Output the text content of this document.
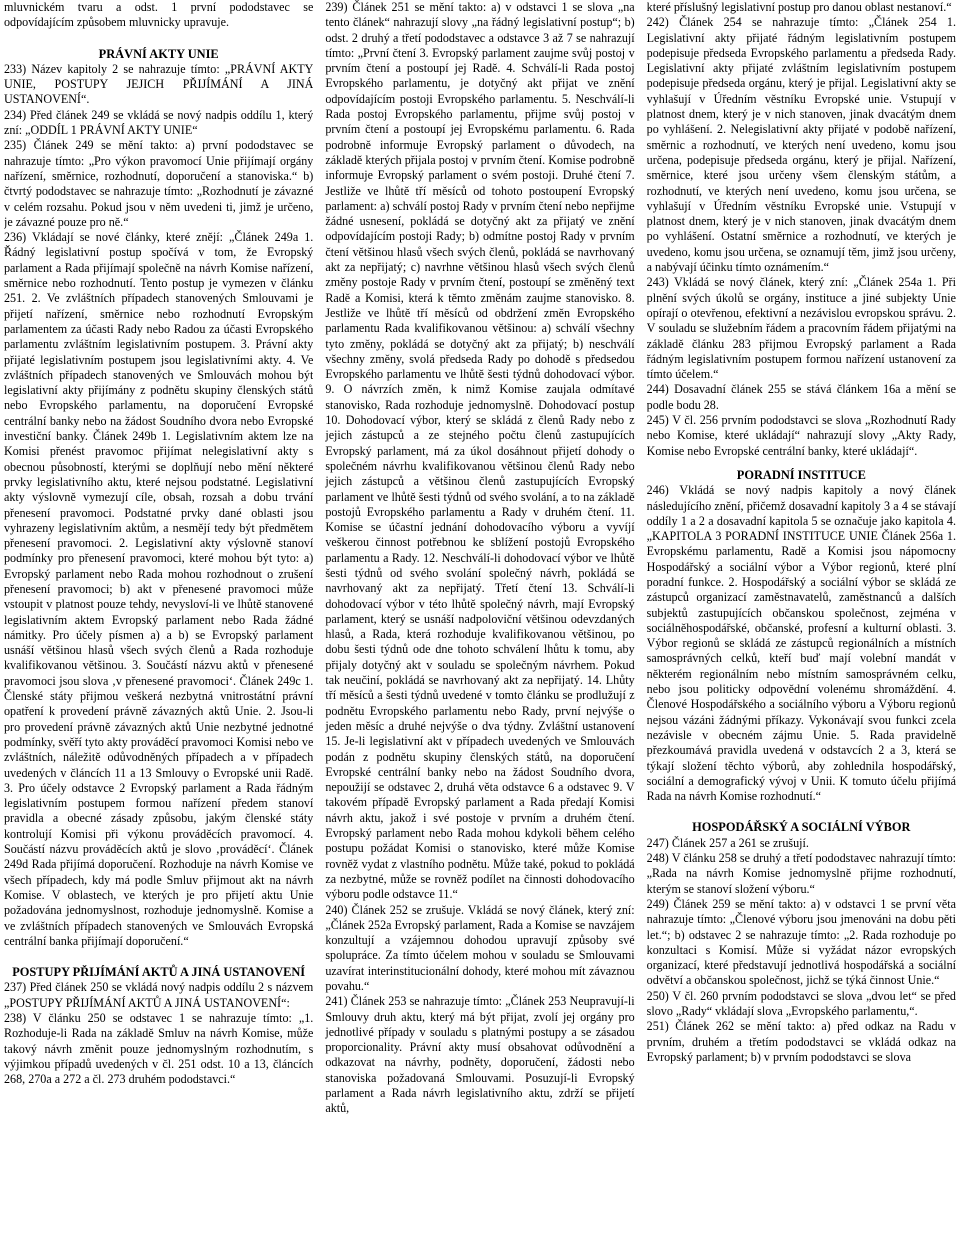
mluvnickém tvaru a odst. 1 první pododstavec se odpovídajícím způsobem mluvnicky upravuje.

PRÁVNÍ AKTY UNIE

233) Název kapitoly 2 se nahrazuje tímto: „PRÁVNÍ AKTY UNIE, POSTUPY JEJICH PŘIJÍMÁNÍ A JINÁ USTANOVENÍ“.

234) Před článek 249 se vkládá se nový nadpis oddílu 1, který zní: „ODDÍL 1 PRÁVNÍ AKTY UNIE“

235) Článek 249 se mění takto: a) první pododstavec se nahrazuje tímto: „Pro výkon pravomocí Unie přijímají orgány nařízení, směrnice, rozhodnutí, doporučení a stanoviska.“ b) čtvrtý pododstavec se nahrazuje tímto: „Rozhodnutí je závazné v celém rozsahu. Pokud jsou v něm uvedeni ti, jimž je určeno, je závazné pouze pro ně.“

236) Vkládají se nové články, které znějí: „Článek 249a 1. Řádný legislativní postup spočívá v tom, že Evropský parlament a Rada přijímají společně na návrh Komise nařízení, směrnice nebo rozhodnutí. Tento postup je vymezen v článku 251. 2. Ve zvláštních případech stanovených Smlouvami je přijetí nařízení, směrnice nebo rozhodnutí Evropským parlamentem za účasti Rady nebo Radou za účasti Evropského parlamentu zvláštním legislativním postupem. 3. Právní akty přijaté legislativním postupem jsou legislativními akty. 4. Ve zvláštních případech stanovených ve Smlouvách mohou být legislativní akty přijímány z podnětu skupiny členských států nebo Evropského parlamentu, na doporučení Evropské centrální banky nebo na žádost Soudního dvora nebo Evropské investiční banky. Článek 249b 1. Legislativním aktem lze na Komisi přenést pravomoc přijímat nelegislativní akty s obecnou působností, kterými se doplňují nebo mění některé prvky legislativního aktu, které nejsou podstatné. Legislativní akty výslovně vymezují cíle, obsah, rozsah a dobu trvání přenesení pravomoci. Podstatné prvky dané oblasti jsou vyhrazeny legislativním aktům, a nesmějí tedy být předmětem přenesení pravomoci. 2. Legislativní akty výslovně stanoví podmínky pro přenesení pravomoci, které mohou být tyto: a) Evropský parlament nebo Rada mohou rozhodnout o zrušení přenesení pravomoci; b) akt v přenesené pravomoci může vstoupit v platnost pouze tehdy, nevysloví-li ve lhůtě stanovené legislativním aktem Evropský parlament nebo Rada žádné námitky. Pro účely písmen a) a b) se Evropský parlament usnáší většinou hlasů všech svých členů a Rada rozhoduje kvalifikovanou většinou. 3. Součástí názvu aktů v přenesené pravomoci jsou slova ‚v přenesené pravomoci‘. Článek 249c 1. Členské státy přijmou veškerá nezbytná vnitrostátní právní opatření k provedení právně závazných aktů Unie. 2. Jsou-li pro provedení právně závazných aktů Unie nezbytné jednotné podmínky, svěří tyto akty prováděcí pravomoci Komisi nebo ve zvláštních, náležitě odůvodněných případech a v případech uvedených v článcích 11 a 13 Smlouvy o Evropské unii Radě. 3. Pro účely odstavce 2 Evropský parlament a Rada řádným legislativním postupem formou nařízení předem stanoví pravidla a obecné zásady způsobu, jakým členské státy kontrolují Komisi při výkonu prováděcích pravomocí. 4. Součástí názvu prováděcích aktů je slovo ‚prováděcí‘. Článek 249d Rada přijímá doporučení. Rozhoduje na návrh Komise ve všech případech, kdy má podle Smluv přijmout akt na návrh Komise. V oblastech, ve kterých je pro přijetí aktu Unie požadována jednomyslnost, rozhoduje jednomyslně. Komise a ve zvláštních případech stanovených ve Smlouvách Evropská centrální banka přijímají doporučení.“

POSTUPY PŘIJÍMÁNÍ AKTŮ A JINÁ USTANOVENÍ

237) Před článek 250 se vkládá nový nadpis oddílu 2 s názvem „POSTUPY PŘIJÍMÁNÍ AKTŮ A JINÁ USTANOVENÍ“:

238) V článku 250 se odstavec 1 se nahrazuje tímto: „1. Rozhoduje-li Rada na základě Smluv na návrh Komise, může takový návrh změnit pouze jednomyslným rozhodnutím, s výjimkou případů uvedených v čl. 251 odst. 10 a 13, článcích 268, 270a a 272 a čl. 273 druhém pododstavci.“

239) Článek 251 se mění takto: a) v odstavci 1 se slova „na tento článek“ nahrazují slovy „na řádný legislativní postup“; b) odst. 2 druhý a třetí pododstavec a odstavce 3 až 7 se nahrazují tímto: „První čtení 3. Evropský parlament zaujme svůj postoj v prvním čtení a postoupí jej Radě. 4. Schválí-li Rada postoj Evropského parlamentu, je dotyčný akt přijat ve znění odpovídajícím postoji Evropského parlamentu. 5. Neschválí-li Rada postoj Evropského parlamentu, přijme svůj postoj v prvním čtení a postoupí jej Evropskému parlamentu. 6. Rada podrobně informuje Evropský parlament o důvodech, na základě kterých přijala postoj v prvním čtení. Komise podrobně informuje Evropský parlament o svém postoji. Druhé čtení 7. Jestliže ve lhůtě tří měsíců od tohoto postoupení Evropský parlament: a) schválí postoj Rady v prvním čtení nebo nepřijme žádné usnesení, pokládá se dotyčný akt za přijatý ve znění odpovídajícím postoji Rady; b) odmítne postoj Rady v prvním čtení většinou hlasů všech svých členů, pokládá se navrhovaný akt za nepřijatý; c) navrhne většinou hlasů všech svých členů změny postoje Rady v prvním čtení, postoupí se změněný text Radě a Komisi, která k těmto změnám zaujme stanovisko. 8. Jestliže ve lhůtě tří měsíců od obdržení změn Evropského parlamentu Rada kvalifikovanou většinou: a) schválí všechny tyto změny, pokládá se dotyčný akt za přijatý; b) neschválí všechny změny, svolá předseda Rady po dohodě s předsedou Evropského parlamentu ve lhůtě šesti týdnů dohodovací výbor. 9. O návrzích změn, k nimž Komise zaujala odmítavé stanovisko, Rada rozhoduje jednomyslně. Dohodovací postup 10. Dohodovací výbor, který se skládá z členů Rady nebo z jejich zástupců a ze stejného počtu členů zastupujících Evropský parlament, má za úkol dosáhnout přijetí dohody o společném návrhu kvalifikovanou většinou členů Rady nebo jejich zástupců a většinou členů zastupujících Evropský parlament ve lhůtě šesti týdnů od svého svolání, a to na základě postojů Evropského parlamentu a Rady v druhém čtení. 11. Komise se účastní jednání dohodovacího výboru a vyvíjí veškerou činnost potřebnou ke sblížení postojů Evropského parlamentu a Rady. 12. Neschválí-li dohodovací výbor ve lhůtě šesti týdnů od svého svolání společný návrh, pokládá se navrhovaný akt za nepřijatý. Třetí čtení 13. Schválí-li dohodovací výbor v této lhůtě společný návrh, mají Evropský parlament, který se usnáší nadpoloviční většinou odevzdaných hlasů, a Rada, která rozhoduje kvalifikovanou většinou, po dobu šesti týdnů ode dne tohoto schválení lhůtu k tomu, aby přijaly dotyčný akt v souladu se společným návrhem. Pokud tak neučiní, pokládá se navrhovaný akt za nepřijatý. 14. Lhůty tří měsíců a šesti týdnů uvedené v tomto článku se prodlužují z podnětu Evropského parlamentu nebo Rady, první nejvýše o jeden měsíc a druhé nejvýše o dva týdny. Zvláštní ustanovení 15. Je-li legislativní akt v případech uvedených ve Smlouvách podán z podnětu skupiny členských států, na doporučení Evropské centrální banky nebo na žádost Soudního dvora, nepoužijí se odstavec 2, druhá věta odstavce 6 a odstavec 9. V takovém případě Evropský parlament a Rada předají Komisi návrh aktu, jakož i své postoje v prvním a druhém čtení. Evropský parlament nebo Rada mohou kdykoli během celého postupu požádat Komisi o stanovisko, které může Komise rovněž vydat z vlastního podnětu. Může také, pokud to pokládá za nezbytné, může se rovněž podílet na činnosti dohodovacího výboru podle odstavce 11.“

240) Článek 252 se zrušuje. Vkládá se nový článek, který zní: „Článek 252a Evropský parlament, Rada a Komise se navzájem konzultují a vzájemnou dohodou upravují způsoby své spolupráce. Za tímto účelem mohou v souladu se Smlouvami uzavírat interinstitucionální dohody, které mohou mít závaznou povahu.“

241) Článek 253 se nahrazuje tímto: „Článek 253 Neupravují-li Smlouvy druh aktu, který má být přijat, zvolí jej orgány pro jednotlivé případy v souladu s platnými postupy a se zásadou proporcionality. Právní akty musí obsahovat odůvodnění a odkazovat na návrhy, podněty, doporučení, žádosti nebo stanoviska požadovaná Smlouvami. Posuzují-li Evropský parlament a Rada návrh legislativního aktu, zdrží se přijetí aktů,

které příslušný legislativní postup pro danou oblast nestanoví.“

242) Článek 254 se nahrazuje tímto: „Článek 254 1. Legislativní akty přijaté řádným legislativním postupem podepisuje předseda Evropského parlamentu a předseda Rady. Legislativní akty přijaté zvláštním legislativním postupem podepisuje předseda orgánu, který je přijal. Legislativní akty se vyhlašují v Úředním věstníku Evropské unie. Vstupují v platnost dnem, který je v nich stanoven, jinak dvacátým dnem po vyhlášení. 2. Nelegislativní akty přijaté v podobě nařízení, směrnic a rozhodnutí, ve kterých není uvedeno, komu jsou určena, podepisuje předseda orgánu, který je přijal. Nařízení, směrnice, které jsou určeny všem členským státům, a rozhodnutí, ve kterých není uvedeno, komu jsou určena, se vyhlašují v Úředním věstníku Evropské unie. Vstupují v platnost dnem, který je v nich stanoven, jinak dvacátým dnem po vyhlášení. Ostatní směrnice a rozhodnutí, ve kterých je uvedeno, komu jsou určena, se oznamují těm, jimž jsou určeny, a nabývají účinku tímto oznámením.“

243) Vkládá se nový článek, který zní: „Článek 254a 1. Při plnění svých úkolů se orgány, instituce a jiné subjekty Unie opírají o otevřenou, efektivní a nezávislou evropskou správu. 2. V souladu se služebním řádem a pracovním řádem přijatými na základě článku 283 přijmou Evropský parlament a Rada řádným legislativním postupem formou nařízení ustanovení za tímto účelem.“

244) Dosavadní článek 255 se stává článkem 16a a mění se podle bodu 28.

245) V čl. 256 prvním pododstavci se slova „Rozhodnutí Rady nebo Komise, které ukládají“ nahrazují slovy „Akty Rady, Komise nebo Evropské centrální banky, které ukládají“.

PORADNÍ INSTITUCE

246) Vkládá se nový nadpis kapitoly a nový článek následujícího znění, přičemž dosavadní kapitoly 3 a 4 se stávají oddíly 1 a 2 a dosavadní kapitola 5 se označuje jako kapitola 4. „KAPITOLA 3 PORADNÍ INSTITUCE UNIE Článek 256a 1. Evropskému parlamentu, Radě a Komisi jsou nápomocny Hospodářský a sociální výbor a Výbor regionů, které plní poradní funkce. 2. Hospodářský a sociální výbor se skládá ze zástupců organizací zaměstnavatelů, zaměstnanců a dalších subjektů zastupujících občanskou společnost, zejména v sociálněhospodářské, občanské, profesní a kulturní oblasti. 3. Výbor regionů se skládá ze zástupců regionálních a místních samosprávných celků, kteří buď mají volební mandát v některém regionálním nebo místním samosprávném celku, nebo jsou politicky odpovědní volenému shromáždění. 4. Členové Hospodářského a sociálního výboru a Výboru regionů nejsou vázáni žádnými příkazy. Vykonávají svou funkci zcela nezávisle v obecném zájmu Unie. 5. Rada pravidelně přezkoumává pravidla uvedená v odstavcích 2 a 3, která se týkají složení těchto výborů, aby zohlednila hospodářský, sociální a demografický vývoj v Unii. K tomuto účelu přijímá Rada na návrh Komise rozhodnutí.“

HOSPODÁŘSKÝ A SOCIÁLNÍ VÝBOR

247) Článek 257 a 261 se zrušují.

248) V článku 258 se druhý a třetí pododstavec nahrazují tímto: „Rada na návrh Komise jednomyslně přijme rozhodnutí, kterým se stanoví složení výboru.“

249) Článek 259 se mění takto: a) v odstavci 1 se první věta nahrazuje tímto: „Členové výboru jsou jmenováni na dobu pěti let.“; b) odstavec 2 se nahrazuje tímto: „2. Rada rozhoduje po konzultaci s Komisí. Může si vyžádat názor evropských organizací, které představují jednotlivá hospodářská a sociální odvětví a občanskou společnost, jichž se týká činnost Unie.“

250) V čl. 260 prvním pododstavci se slova „dvou let“ se před slovo „Rady“ vkládají slova „Evropského parlamentu,“.

251) Článek 262 se mění takto: a) před odkaz na Radu v prvním, druhém a třetím pododstavci se vkládá odkaz na Evropský parlament; b) v prvním pododstavci se slova
